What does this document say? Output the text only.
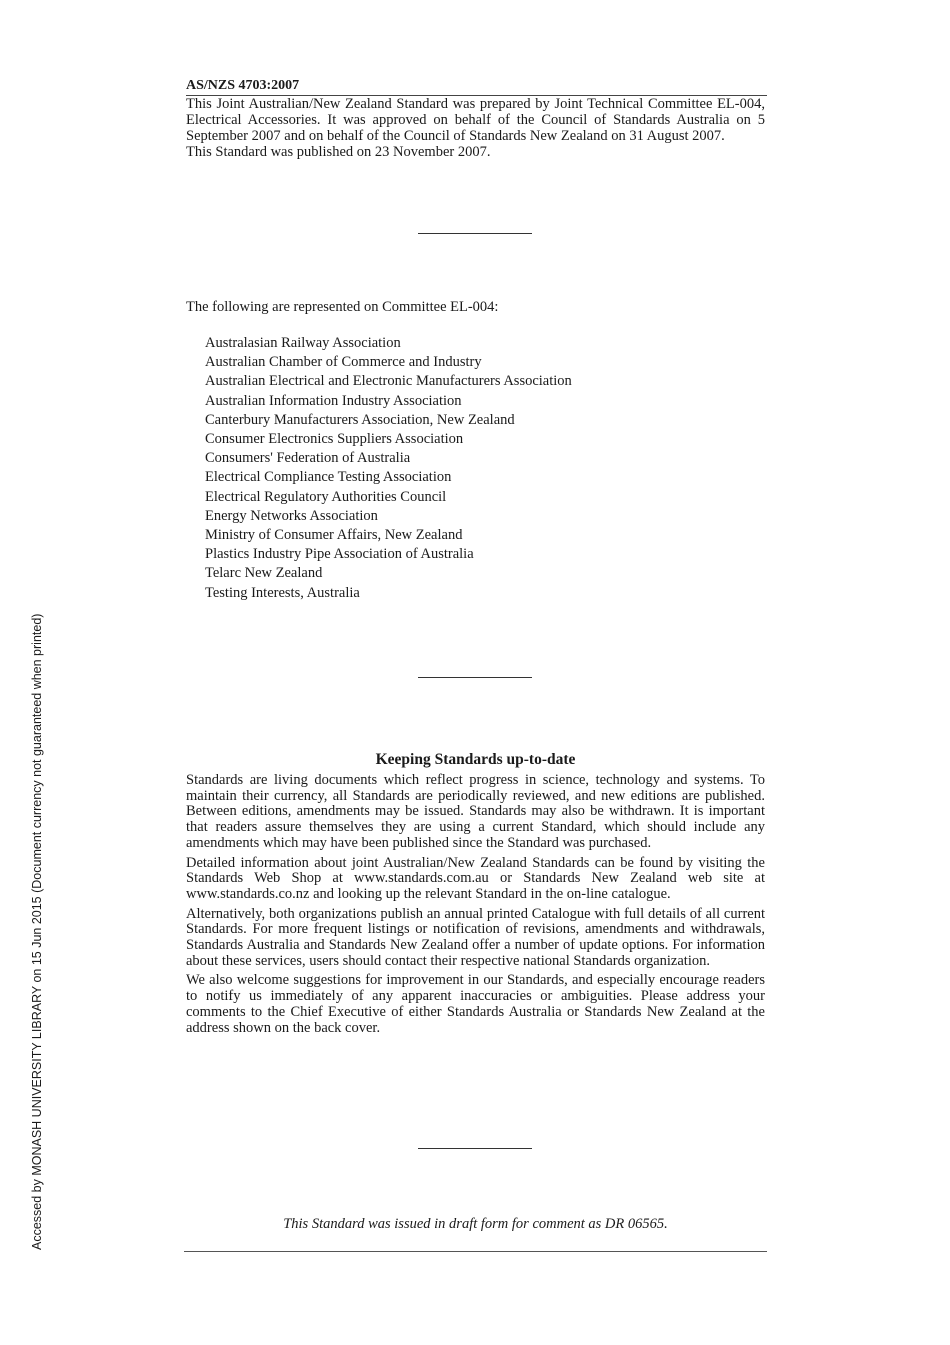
Accessed by MONASH UNIVERSITY LIBRARY on 15 Jun 2015 (Document currency not guaranteed when printed)
AS/NZS 4703:2007

This Joint Australian/New Zealand Standard was prepared by Joint Technical Committee EL-004, Electrical Accessories. It was approved on behalf of the Council of Standards Australia on 5 September 2007 and on behalf of the Council of Standards New Zealand on 31 August 2007.

This Standard was published on 23 November 2007.

The following are represented on Committee EL-004:
Australasian Railway Association
Australian Chamber of Commerce and Industry
Australian Electrical and Electronic Manufacturers Association
Australian Information Industry Association
Canterbury Manufacturers Association, New Zealand
Consumer Electronics Suppliers Association
Consumers' Federation of Australia
Electrical Compliance Testing Association
Electrical Regulatory Authorities Council
Energy Networks Association
Ministry of Consumer Affairs, New Zealand
Plastics Industry Pipe Association of Australia
Telarc New Zealand
Testing Interests, Australia
Keeping Standards up-to-date

Standards are living documents which reflect progress in science, technology and systems. To maintain their currency, all Standards are periodically reviewed, and new editions are published. Between editions, amendments may be issued. Standards may also be withdrawn. It is important that readers assure themselves they are using a current Standard, which should include any amendments which may have been published since the Standard was purchased.

Detailed information about joint Australian/New Zealand Standards can be found by visiting the Standards Web Shop at www.standards.com.au or Standards New Zealand web site at www.standards.co.nz and looking up the relevant Standard in the on-line catalogue.

Alternatively, both organizations publish an annual printed Catalogue with full details of all current Standards. For more frequent listings or notification of revisions, amendments and withdrawals, Standards Australia and Standards New Zealand offer a number of update options. For information about these services, users should contact their respective national Standards organization.

We also welcome suggestions for improvement in our Standards, and especially encourage readers to notify us immediately of any apparent inaccuracies or ambiguities. Please address your comments to the Chief Executive of either Standards Australia or Standards New Zealand at the address shown on the back cover.

This Standard was issued in draft form for comment as DR 06565.
